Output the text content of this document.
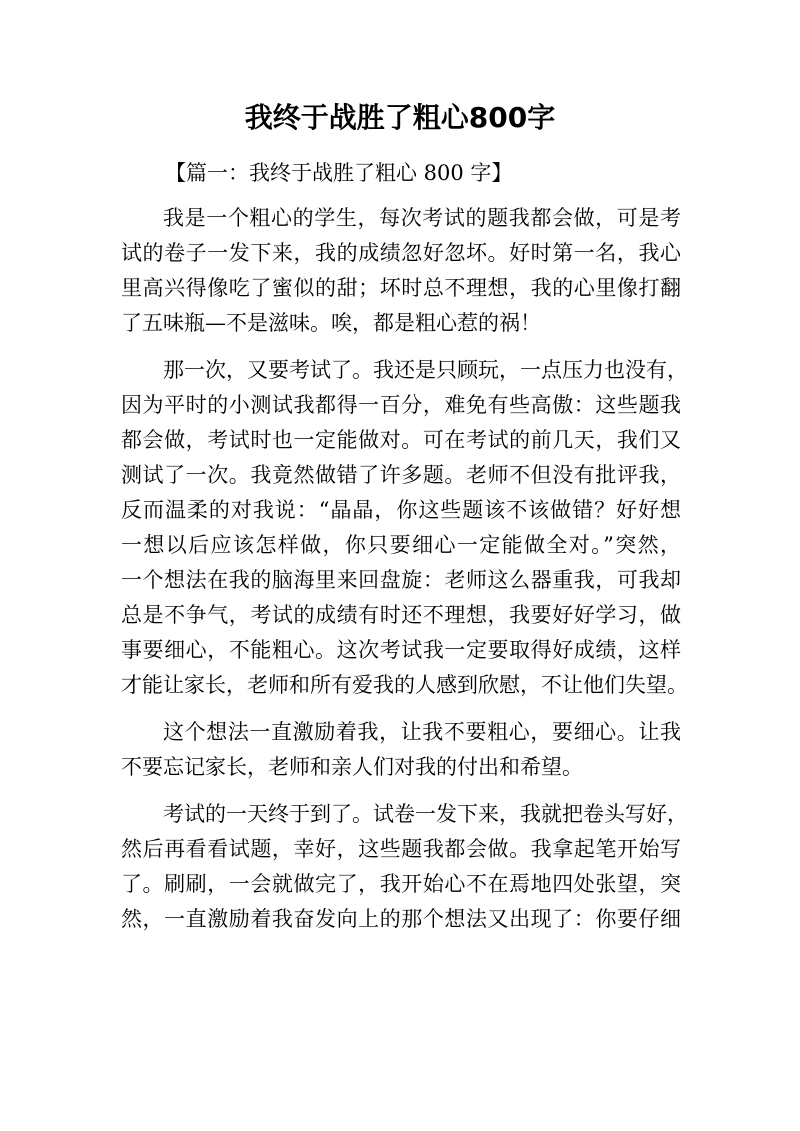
我终于战胜了粗心800字

【篇一：我终于战胜了粗心 800 字】

我是一个粗心的学生，每次考试的题我都会做，可是考
试的卷子一发下来，我的成绩忽好忽坏。好时第一名，我心
里高兴得像吃了蜜似的甜；坏时总不理想，我的心里像打翻
了五味瓶—不是滋味。唉，都是粗心惹的祸！
那一次，又要考试了。我还是只顾玩，一点压力也没有，
因为平时的小测试我都得一百分，难免有些高傲：这些题我
都会做，考试时也一定能做对。可在考试的前几天，我们又
测试了一次。我竟然做错了许多题。老师不但没有批评我，
反而温柔的对我说：“晶晶，你这些题该不该做错？好好想
一想以后应该怎样做，你只要细心一定能做全对。”突然，
一个想法在我的脑海里来回盘旋：老师这么器重我，可我却
总是不争气，考试的成绩有时还不理想，我要好好学习，做
事要细心，不能粗心。这次考试我一定要取得好成绩，这样
才能让家长，老师和所有爱我的人感到欣慰，不让他们失望。
这个想法一直激励着我，让我不要粗心，要细心。让我
不要忘记家长，老师和亲人们对我的付出和希望。
考试的一天终于到了。试卷一发下来，我就把卷头写好，
然后再看看试题，幸好，这些题我都会做。我拿起笔开始写
了。刷刷，一会就做完了，我开始心不在焉地四处张望，突
然，一直激励着我奋发向上的那个想法又出现了：你要仔细
